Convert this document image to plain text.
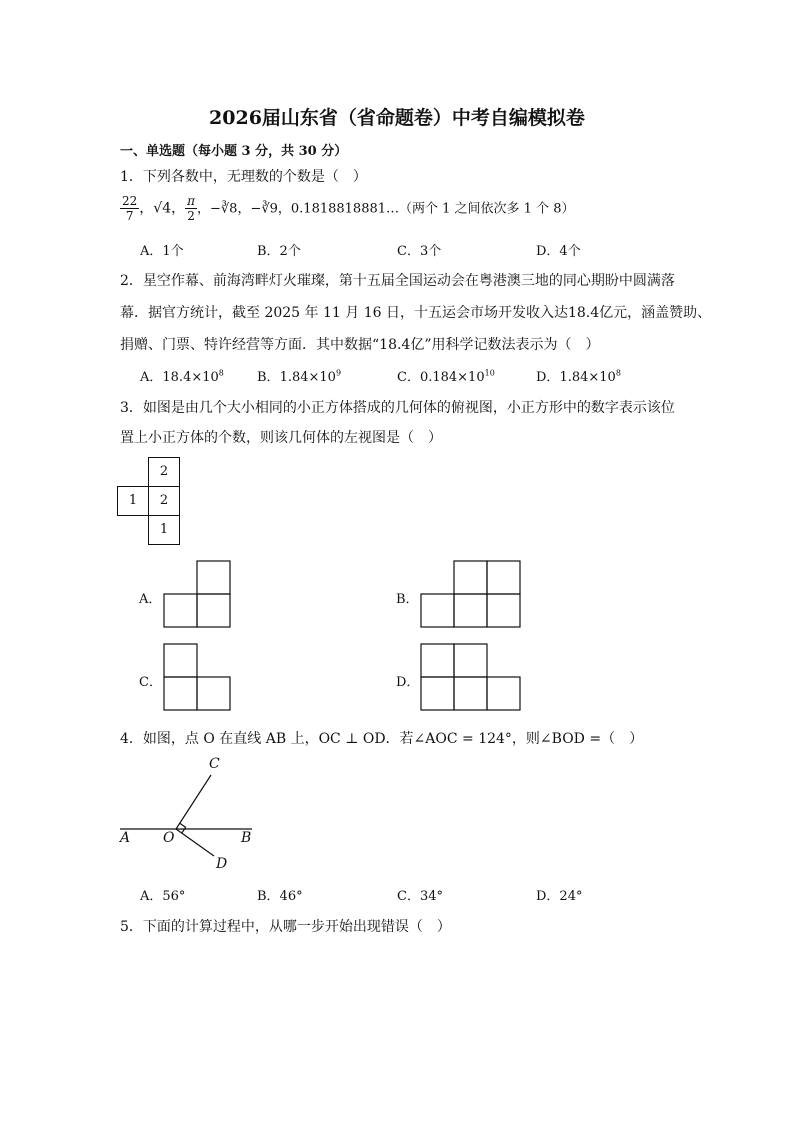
2026届山东省（省命题卷）中考自编模拟卷
一、单选题（每小题 3 分，共 30 分）
1．下列各数中，无理数的个数是（　）
$\frac{22}{7}$ ，√4， $\frac{\pi}{2}$ ，−∛8，−∛9，0.1818818881…（两个 1 之间依次多 1 个 8）
A．1个	B．2个	C．3个	D．4个
2．星空作幕、前海湾畔灯火璀璨，第十五届全国运动会在粤港澳三地的同心期盼中圆满落
幕．据官方统计，截至 2025 年 11 月 16 日，十五运会市场开发收入达18.4亿元，涵盖赞助、
捐赠、门票、特许经营等方面．其中数据“18.4亿”用科学记数法表示为（　）
A．$18.4\times 10^8$	B．$1.84\times 10^9$	C．$0.184\times 10^{10}$	D．$1.84\times 10^8$
3．如图是由几个大小相同的小正方体搭成的几何体的俯视图，小正方形中的数字表示该位
置上小正方体的个数，则该几何体的左视图是（　）
2
1	2
1
A．	B．
C．	D．
4．如图，点 O 在直线 AB 上，OC ⊥ OD．若∠AOC = 124°，则∠BOD =（　）
C
A O	B
D
A．56°	B．46°	C．34°	D．24°
5．下面的计算过程中，从哪一步开始出现错误（　）
